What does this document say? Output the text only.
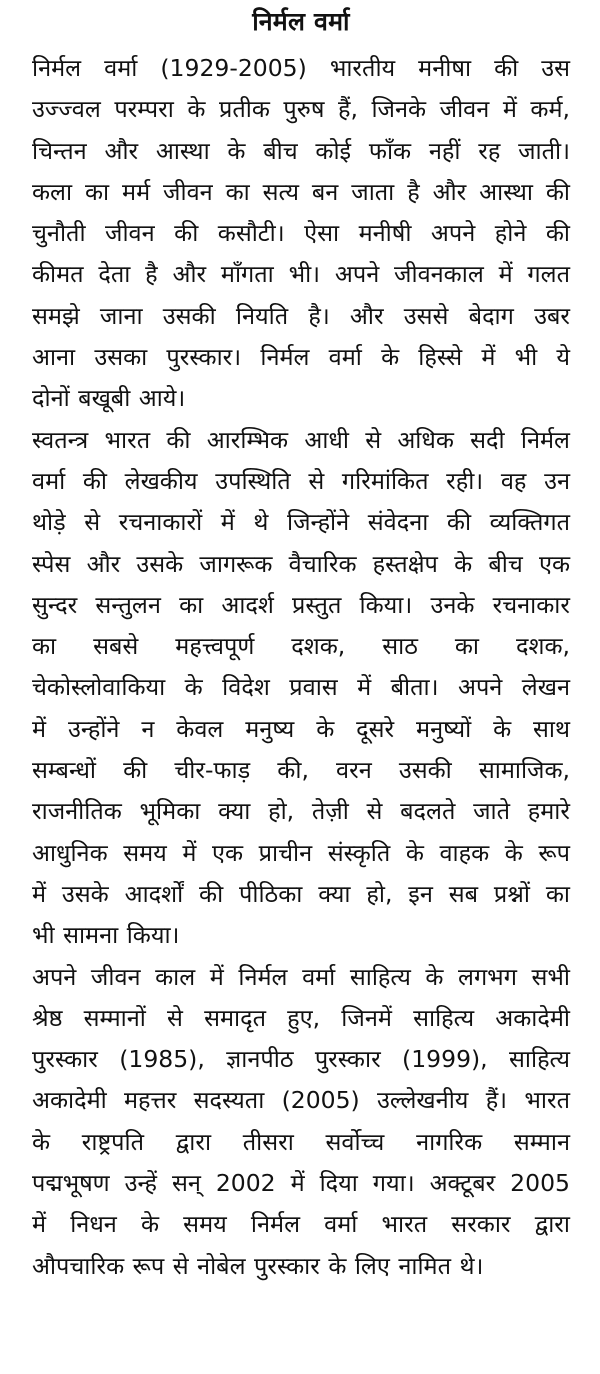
निर्मल वर्मा
निर्मल वर्मा (1929-2005) भारतीय मनीषा की उस
उज्ज्वल परम्परा के प्रतीक पुरुष हैं, जिनके जीवन में कर्म,
चिन्तन और आस्था के बीच कोई फाँक नहीं रह जाती।
कला का मर्म जीवन का सत्य बन जाता है और आस्था की
चुनौती जीवन की कसौटी। ऐसा मनीषी अपने होने की
कीमत देता है और माँगता भी। अपने जीवनकाल में गलत
समझे जाना उसकी नियति है। और उससे बेदाग उबर
आना उसका पुरस्कार। निर्मल वर्मा के हिस्से में भी ये
दोनों बखूबी आये।
स्वतन्त्र भारत की आरम्भिक आधी से अधिक सदी निर्मल
वर्मा की लेखकीय उपस्थिति से गरिमांकित रही। वह उन
थोड़े से रचनाकारों में थे जिन्होंने संवेदना की व्यक्तिगत
स्पेस और उसके जागरूक वैचारिक हस्तक्षेप के बीच एक
सुन्दर सन्तुलन का आदर्श प्रस्तुत किया। उनके रचनाकार
का सबसे महत्त्वपूर्ण दशक, साठ का दशक,
चेकोस्लोवाकिया के विदेश प्रवास में बीता। अपने लेखन
में उन्होंने न केवल मनुष्य के दूसरे मनुष्यों के साथ
सम्बन्धों की चीर-फाड़ की, वरन उसकी सामाजिक,
राजनीतिक भूमिका क्या हो, तेज़ी से बदलते जाते हमारे
आधुनिक समय में एक प्राचीन संस्कृति के वाहक के रूप
में उसके आदर्शों की पीठिका क्या हो, इन सब प्रश्नों का
भी सामना किया।
अपने जीवन काल में निर्मल वर्मा साहित्य के लगभग सभी
श्रेष्ठ सम्मानों से समादृत हुए, जिनमें साहित्य अकादेमी
पुरस्कार (1985), ज्ञानपीठ पुरस्कार (1999), साहित्य
अकादेमी महत्तर सदस्यता (2005) उल्लेखनीय हैं। भारत
के राष्ट्रपति द्वारा तीसरा सर्वोच्च नागरिक सम्मान
पद्मभूषण उन्हें सन् 2002 में दिया गया। अक्टूबर 2005
में निधन के समय निर्मल वर्मा भारत सरकार द्वारा
औपचारिक रूप से नोबेल पुरस्कार के लिए नामित थे।
